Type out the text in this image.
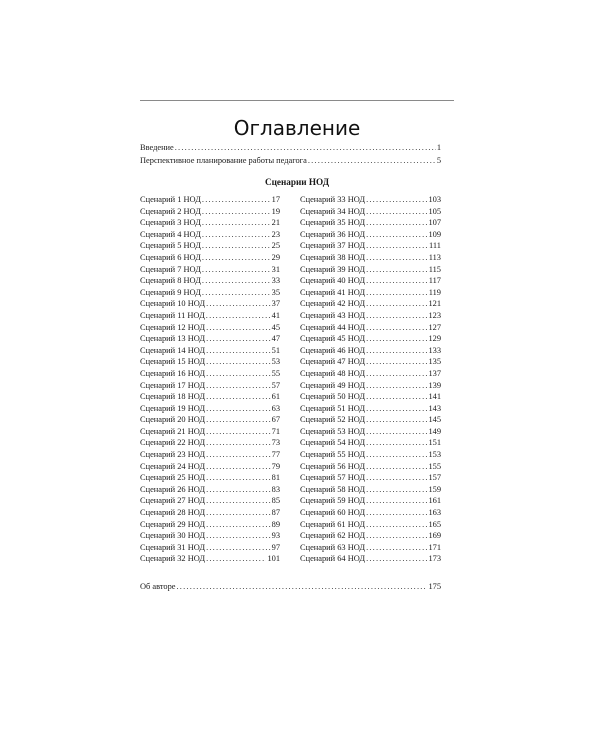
Оглавление
Введение .....	1
Перспективное планирование работы педагога .....	5
Сценарии НОД
Сценарий 1 НОД .....	17
Сценарий 2 НОД .....	19
Сценарий 3 НОД .....	21
Сценарий 4 НОД .....	23
Сценарий 5 НОД .....	25
Сценарий 6 НОД .....	29
Сценарий 7 НОД .....	31
Сценарий 8 НОД .....	33
Сценарий 9 НОД .....	35
Сценарий 10 НОД .....	37
Сценарий 11 НОД .....	41
Сценарий 12 НОД .....	45
Сценарий 13 НОД .....	47
Сценарий 14 НОД .....	51
Сценарий 15 НОД .....	53
Сценарий 16 НОД .....	55
Сценарий 17 НОД .....	57
Сценарий 18 НОД .....	61
Сценарий 19 НОД .....	63
Сценарий 20 НОД .....	67
Сценарий 21 НОД .....	71
Сценарий 22 НОД .....	73
Сценарий 23 НОД .....	77
Сценарий 24 НОД .....	79
Сценарий 25 НОД .....	81
Сценарий 26 НОД .....	83
Сценарий 27 НОД .....	85
Сценарий 28 НОД .....	87
Сценарий 29 НОД .....	89
Сценарий 30 НОД .....	93
Сценарий 31 НОД .....	97
Сценарий 32 НОД .....	101
Сценарий 33 НОД .....	103
Сценарий 34 НОД .....	105
Сценарий 35 НОД .....	107
Сценарий 36 НОД .....	109
Сценарий 37 НОД .....	111
Сценарий 38 НОД .....	113
Сценарий 39 НОД .....	115
Сценарий 40 НОД .....	117
Сценарий 41 НОД .....	119
Сценарий 42 НОД .....	121
Сценарий 43 НОД .....	123
Сценарий 44 НОД .....	127
Сценарий 45 НОД .....	129
Сценарий 46 НОД .....	133
Сценарий 47 НОД .....	135
Сценарий 48 НОД .....	137
Сценарий 49 НОД .....	139
Сценарий 50 НОД .....	141
Сценарий 51 НОД .....	143
Сценарий 52 НОД .....	145
Сценарий 53 НОД .....	149
Сценарий 54 НОД .....	151
Сценарий 55 НОД .....	153
Сценарий 56 НОД .....	155
Сценарий 57 НОД .....	157
Сценарий 58 НОД .....	159
Сценарий 59 НОД .....	161
Сценарий 60 НОД .....	163
Сценарий 61 НОД .....	165
Сценарий 62 НОД .....	169
Сценарий 63 НОД .....	171
Сценарий 64 НОД .....	173
Об авторе .....	175
